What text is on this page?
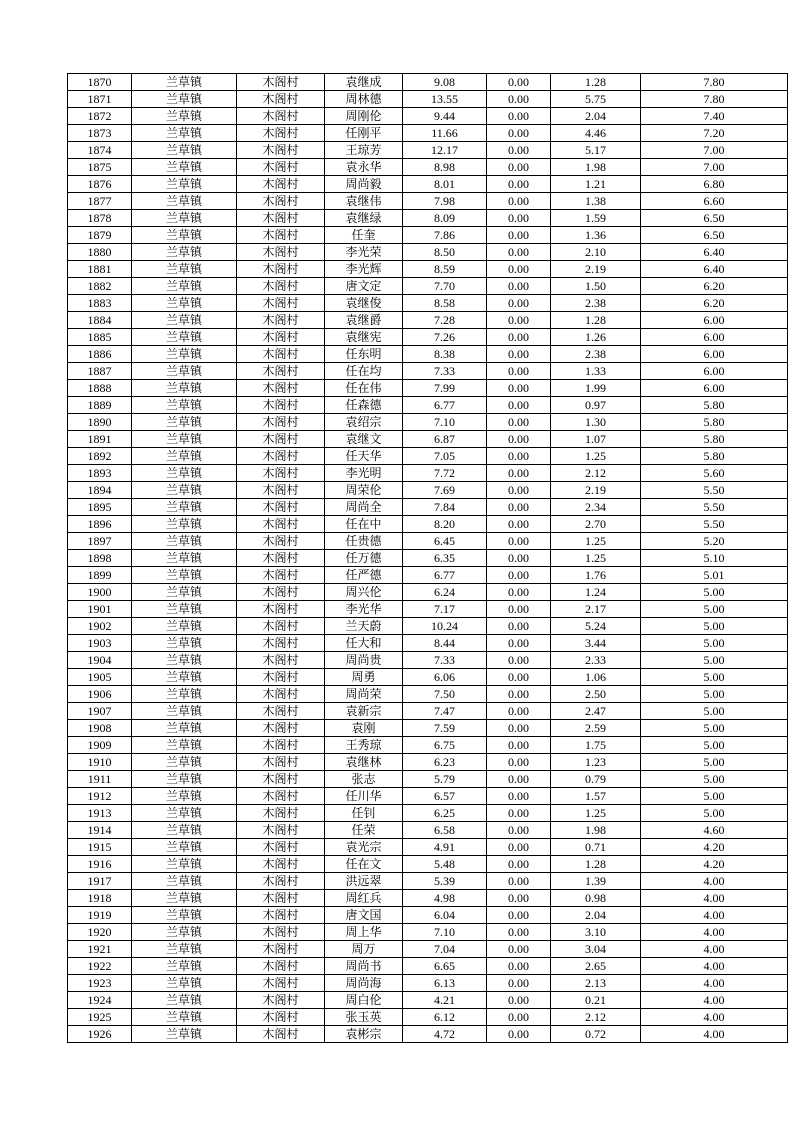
1870	兰草镇	木阁村	袁继成	9.08	0.00	1.28	7.80
1871	兰草镇	木阁村	周林德	13.55	0.00	5.75	7.80
1872	兰草镇	木阁村	周刚伦	9.44	0.00	2.04	7.40
1873	兰草镇	木阁村	任刚平	11.66	0.00	4.46	7.20
1874	兰草镇	木阁村	王琼芳	12.17	0.00	5.17	7.00
1875	兰草镇	木阁村	袁永华	8.98	0.00	1.98	7.00
1876	兰草镇	木阁村	周尚毅	8.01	0.00	1.21	6.80
1877	兰草镇	木阁村	袁继伟	7.98	0.00	1.38	6.60
1878	兰草镇	木阁村	袁继绿	8.09	0.00	1.59	6.50
1879	兰草镇	木阁村	任奎	7.86	0.00	1.36	6.50
1880	兰草镇	木阁村	李光荣	8.50	0.00	2.10	6.40
1881	兰草镇	木阁村	李光辉	8.59	0.00	2.19	6.40
1882	兰草镇	木阁村	唐文定	7.70	0.00	1.50	6.20
1883	兰草镇	木阁村	袁继俊	8.58	0.00	2.38	6.20
1884	兰草镇	木阁村	袁继爵	7.28	0.00	1.28	6.00
1885	兰草镇	木阁村	袁继宪	7.26	0.00	1.26	6.00
1886	兰草镇	木阁村	任东明	8.38	0.00	2.38	6.00
1887	兰草镇	木阁村	任在均	7.33	0.00	1.33	6.00
1888	兰草镇	木阁村	任在伟	7.99	0.00	1.99	6.00
1889	兰草镇	木阁村	任森德	6.77	0.00	0.97	5.80
1890	兰草镇	木阁村	袁绍宗	7.10	0.00	1.30	5.80
1891	兰草镇	木阁村	袁继文	6.87	0.00	1.07	5.80
1892	兰草镇	木阁村	任天华	7.05	0.00	1.25	5.80
1893	兰草镇	木阁村	李光明	7.72	0.00	2.12	5.60
1894	兰草镇	木阁村	周荣伦	7.69	0.00	2.19	5.50
1895	兰草镇	木阁村	周尚全	7.84	0.00	2.34	5.50
1896	兰草镇	木阁村	任在中	8.20	0.00	2.70	5.50
1897	兰草镇	木阁村	任贵德	6.45	0.00	1.25	5.20
1898	兰草镇	木阁村	任万德	6.35	0.00	1.25	5.10
1899	兰草镇	木阁村	任严德	6.77	0.00	1.76	5.01
1900	兰草镇	木阁村	周兴伦	6.24	0.00	1.24	5.00
1901	兰草镇	木阁村	李光华	7.17	0.00	2.17	5.00
1902	兰草镇	木阁村	兰天蔚	10.24	0.00	5.24	5.00
1903	兰草镇	木阁村	任大和	8.44	0.00	3.44	5.00
1904	兰草镇	木阁村	周尚贵	7.33	0.00	2.33	5.00
1905	兰草镇	木阁村	周勇	6.06	0.00	1.06	5.00
1906	兰草镇	木阁村	周尚荣	7.50	0.00	2.50	5.00
1907	兰草镇	木阁村	袁新宗	7.47	0.00	2.47	5.00
1908	兰草镇	木阁村	袁刚	7.59	0.00	2.59	5.00
1909	兰草镇	木阁村	王秀琼	6.75	0.00	1.75	5.00
1910	兰草镇	木阁村	袁继林	6.23	0.00	1.23	5.00
1911	兰草镇	木阁村	张志	5.79	0.00	0.79	5.00
1912	兰草镇	木阁村	任川华	6.57	0.00	1.57	5.00
1913	兰草镇	木阁村	任钊	6.25	0.00	1.25	5.00
1914	兰草镇	木阁村	任荣	6.58	0.00	1.98	4.60
1915	兰草镇	木阁村	袁光宗	4.91	0.00	0.71	4.20
1916	兰草镇	木阁村	任在文	5.48	0.00	1.28	4.20
1917	兰草镇	木阁村	洪远翠	5.39	0.00	1.39	4.00
1918	兰草镇	木阁村	周红兵	4.98	0.00	0.98	4.00
1919	兰草镇	木阁村	唐文国	6.04	0.00	2.04	4.00
1920	兰草镇	木阁村	周上华	7.10	0.00	3.10	4.00
1921	兰草镇	木阁村	周万	7.04	0.00	3.04	4.00
1922	兰草镇	木阁村	周尚书	6.65	0.00	2.65	4.00
1923	兰草镇	木阁村	周尚海	6.13	0.00	2.13	4.00
1924	兰草镇	木阁村	周白伦	4.21	0.00	0.21	4.00
1925	兰草镇	木阁村	张玉英	6.12	0.00	2.12	4.00
1926	兰草镇	木阁村	袁彬宗	4.72	0.00	0.72	4.00
